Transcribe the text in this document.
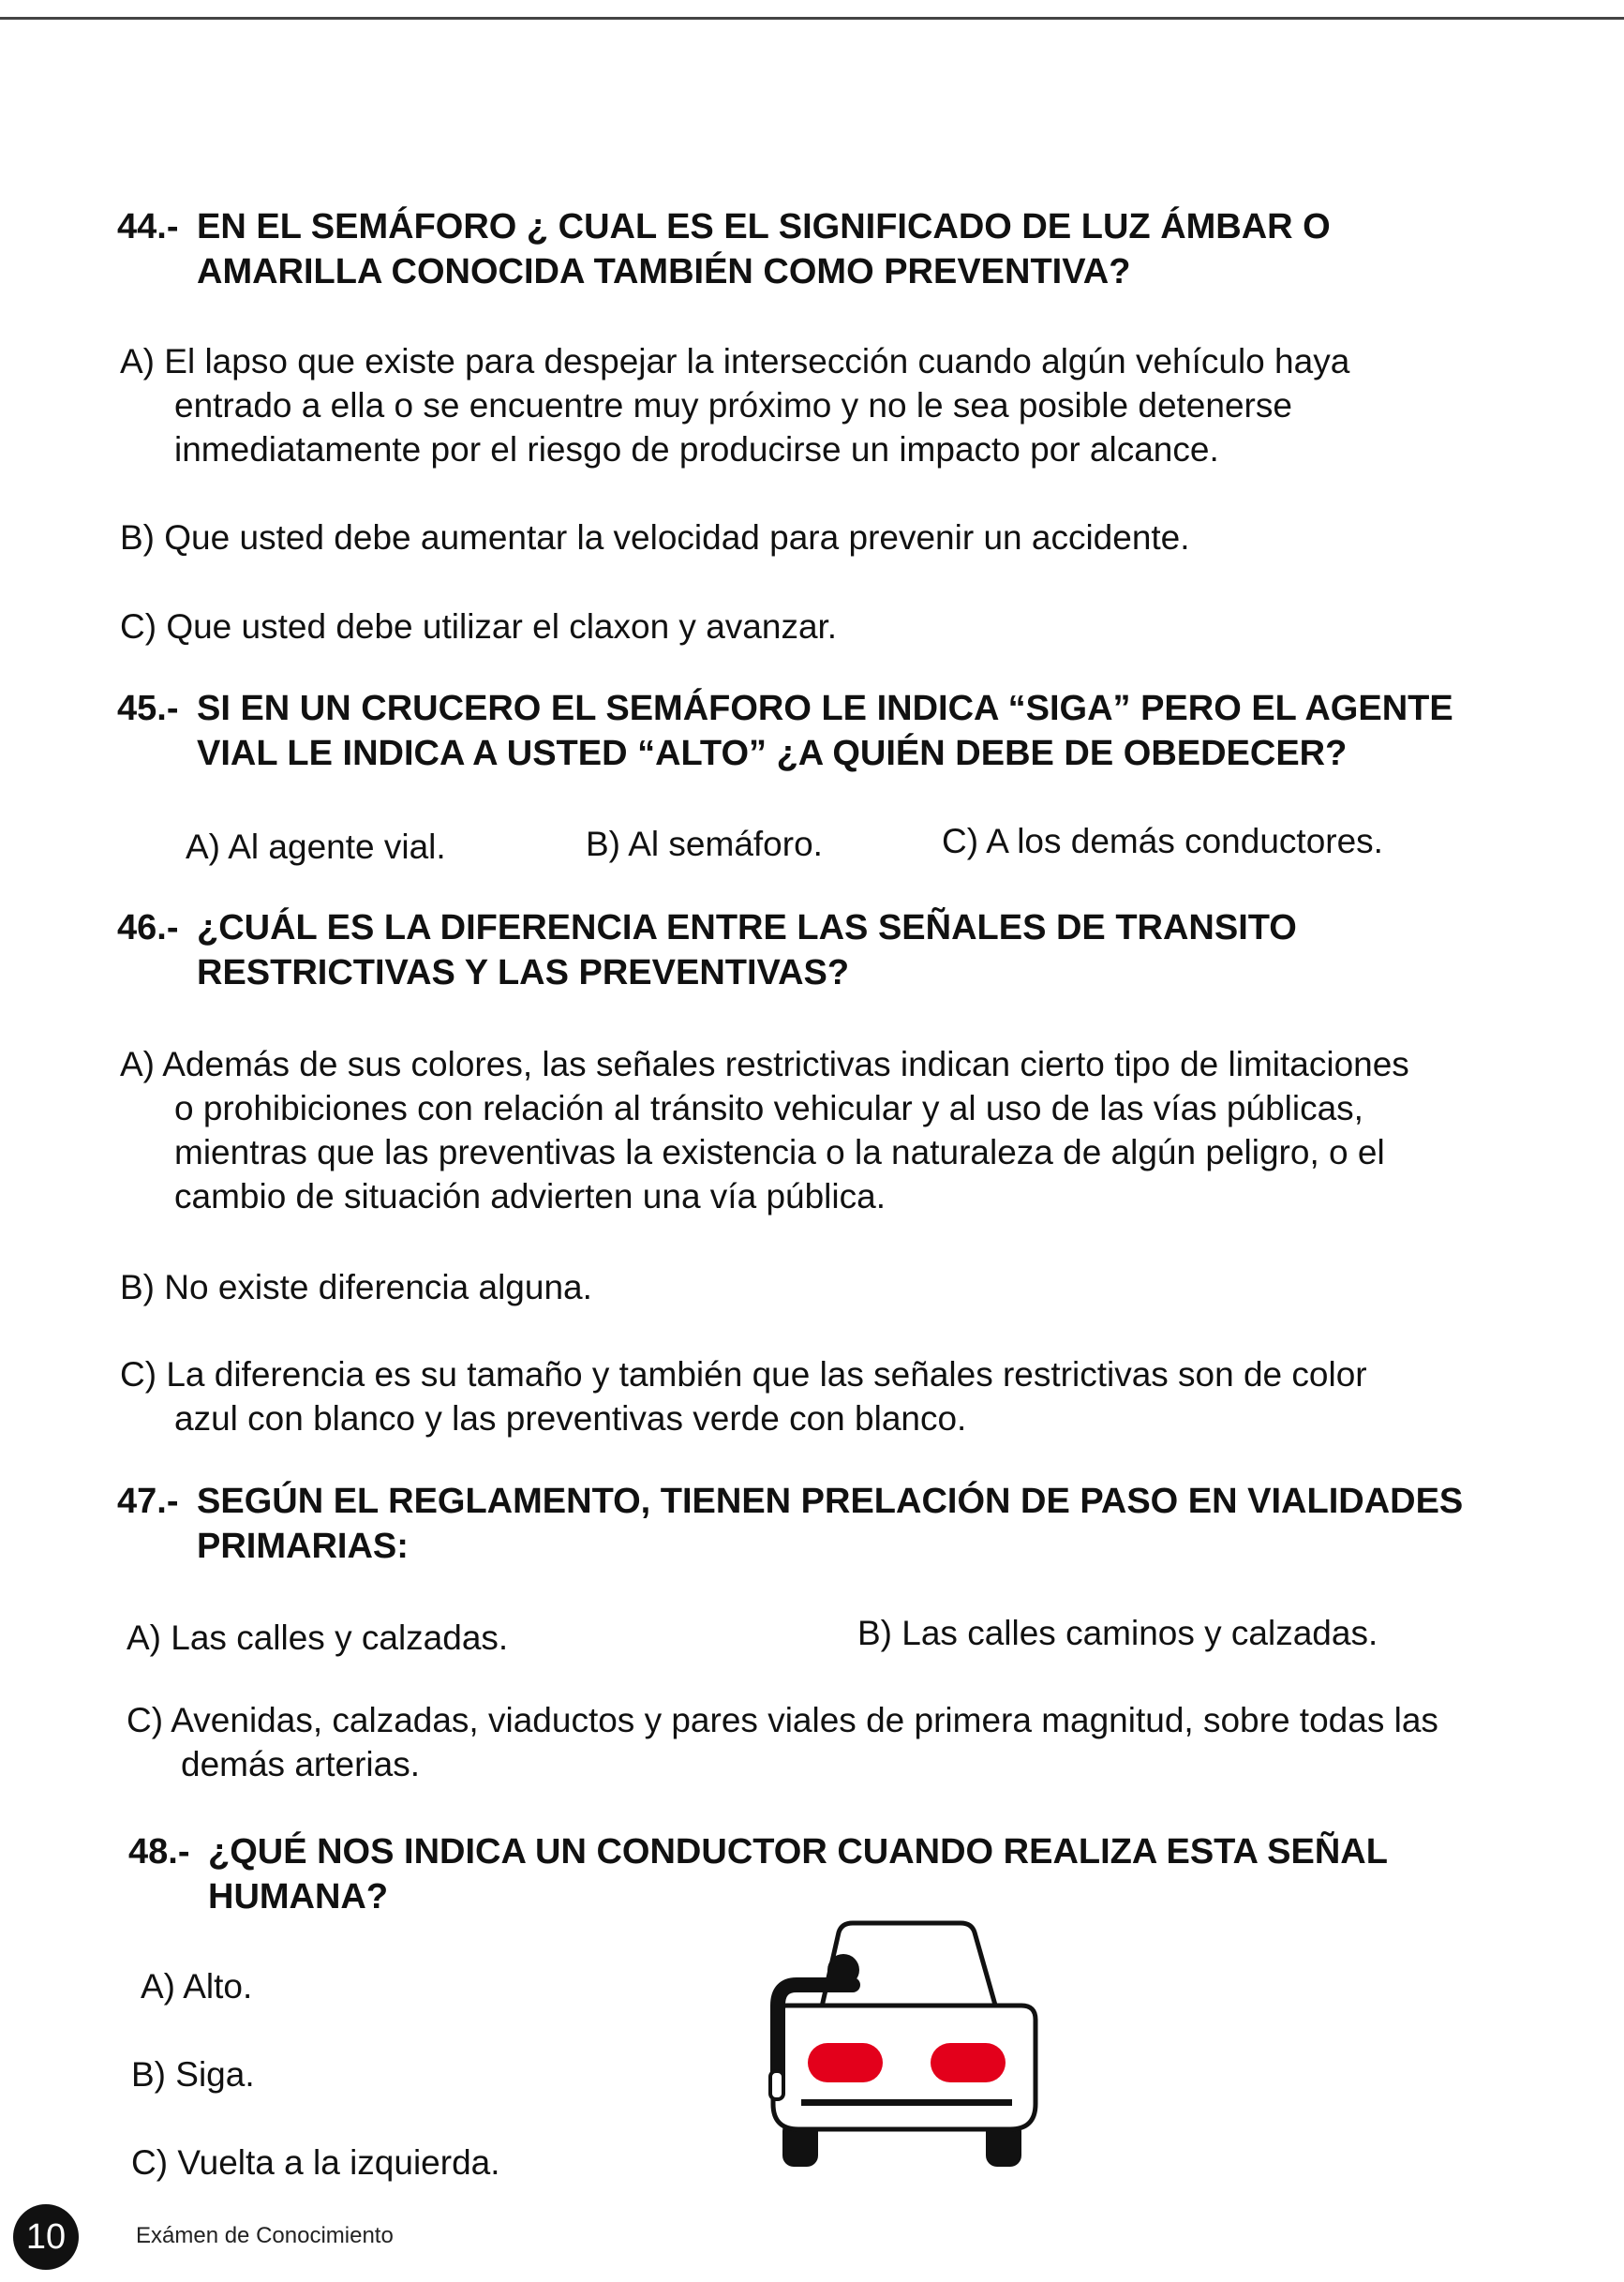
44.- EN EL SEMÁFORO ¿ CUAL ES EL SIGNIFICADO DE LUZ ÁMBAR O
AMARILLA CONOCIDA TAMBIÉN COMO PREVENTIVA?
A) El lapso que existe para despejar la intersección cuando algún vehículo haya
entrado a ella o se encuentre muy próximo y no le sea posible detenerse
inmediatamente por el riesgo de producirse un impacto por alcance.
B) Que usted debe aumentar la velocidad para prevenir un accidente.
C) Que usted debe utilizar el claxon y avanzar.
45.- SI EN UN CRUCERO EL SEMÁFORO LE INDICA “SIGA” PERO EL AGENTE
VIAL LE INDICA A USTED “ALTO” ¿A QUIÉN DEBE DE OBEDECER?
A) Al agente vial.	B) Al semáforo.	C) A los demás conductores.
46.- ¿CUÁL ES LA DIFERENCIA ENTRE LAS SEÑALES DE TRANSITO
RESTRICTIVAS Y LAS PREVENTIVAS?
A) Además de sus colores, las señales restrictivas indican cierto tipo de limitaciones
o prohibiciones con relación al tránsito vehicular y al uso de las vías públicas,
mientras que las preventivas la existencia o la naturaleza de algún peligro, o el
cambio de situación advierten una vía pública.
B) No existe diferencia alguna.
C) La diferencia es su tamaño y también que las señales restrictivas son de color
azul con blanco y las preventivas verde con blanco.
47.- SEGÚN EL REGLAMENTO, TIENEN PRELACIÓN DE PASO EN VIALIDADES
PRIMARIAS:
A) Las calles y calzadas.	B) Las calles caminos y calzadas.
C) Avenidas, calzadas, viaductos y pares viales de primera magnitud, sobre todas las
demás arterias.
48.- ¿QUÉ NOS INDICA UN CONDUCTOR CUANDO REALIZA ESTA SEÑAL
HUMANA?
A) Alto.
B) Siga.
C) Vuelta a la izquierda.
10	Exámen de Conocimiento
